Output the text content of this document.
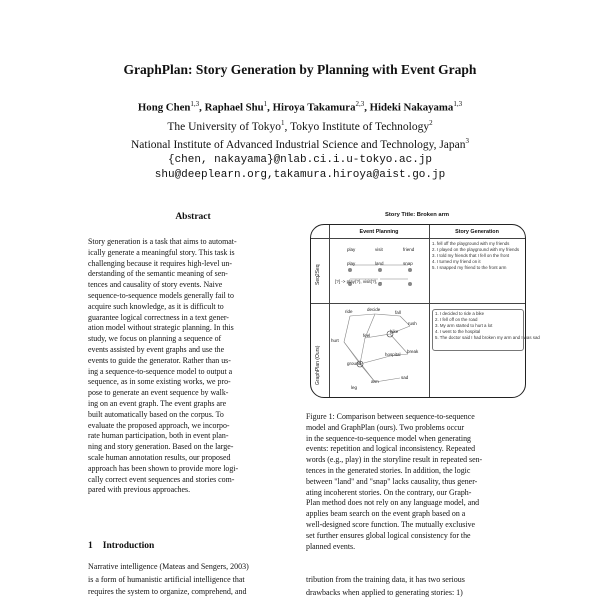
GraphPlan: Story Generation by Planning with Event Graph
Hong Chen$^{1,3}$, Raphael Shu$^1$, Hiroya Takamura$^{2,3}$, Hideki Nakayama$^{1,3}$
The University of Tokyo$^1$, Tokyo Institute of Technology$^2$
National Institute of Advanced Industrial Science and Technology, Japan$^3$
{chen, nakayama}@nlab.ci.i.u-tokyo.ac.jp
shu@deeplearn.org,takamura.hiroya@aist.go.jp
Abstract
Story generation is a task that aims to automat-
ically generate a meaningful story. This task is
challenging because it requires high-level un-
derstanding of the semantic meaning of sen-
tences and causality of story events. Naive
sequence-to-sequence models generally fail to
acquire such knowledge, as it is difficult to
guarantee logical correctness in a text gener-
ation model without strategic planning. In this
study, we focus on planning a sequence of
events assisted by event graphs and use the
events to guide the generator. Rather than us-
ing a sequence-to-sequence model to output a
sequence, as in some existing works, we pro-
pose to generate an event sequence by walk-
ing on an event graph. The event graphs are
built automatically based on the corpus. To
evaluate the proposed approach, we incorpo-
rate human participation, both in event plan-
ning and story generation. Based on the large-
scale human annotation results, our proposed
approach has been shown to provide more logi-
cally correct event sequences and stories com-
pared with previous approaches.
1 Introduction
Narrative intelligence (Mateas and Sengers, 2003)
is a form of humanistic artificial intelligence that
requires the system to organize, comprehend, and
Story Title: Broken arm
Event Planning	Story Generation
Seq2Seq
GraphPlan (Ours)
play	visit	friend
play	land	snap
[?] -> play(?), visit(?), ...
1. fell off the playground with my friends
2. I played on the playground with my friends
3. I told my friends that I fell on the front
4. I turned my friend on it
5. I snapped my friend to the front arm
ride	decide
fall
rush
hurt
feel
bike
ground
hospital
break
arm
sad
leg
1. I decided to ride a bike
2. I fell off on the road
3. My arm started to hurt a lot
4. I went to the hospital
5. The doctor said I had broken my arm and I was sad
Figure 1: Comparison between sequence-to-sequence
model and GraphPlan (ours). Two problems occur
in the sequence-to-sequence model when generating
events: repetition and logical inconsistency. Repeated
words (e.g., play) in the storyline result in repeated sen-
tences in the generated stories. In addition, the logic
between "land" and "snap" lacks causality, thus gener-
ating incoherent stories. On the contrary, our Graph-
Plan method does not rely on any language model, and
applies beam search on the event graph based on a
well-designed score function. The mutually exclusive
set further ensures global logical consistency for the
planned events.
tribution from the training data, it has two serious
drawbacks when applied to generating stories: 1)
